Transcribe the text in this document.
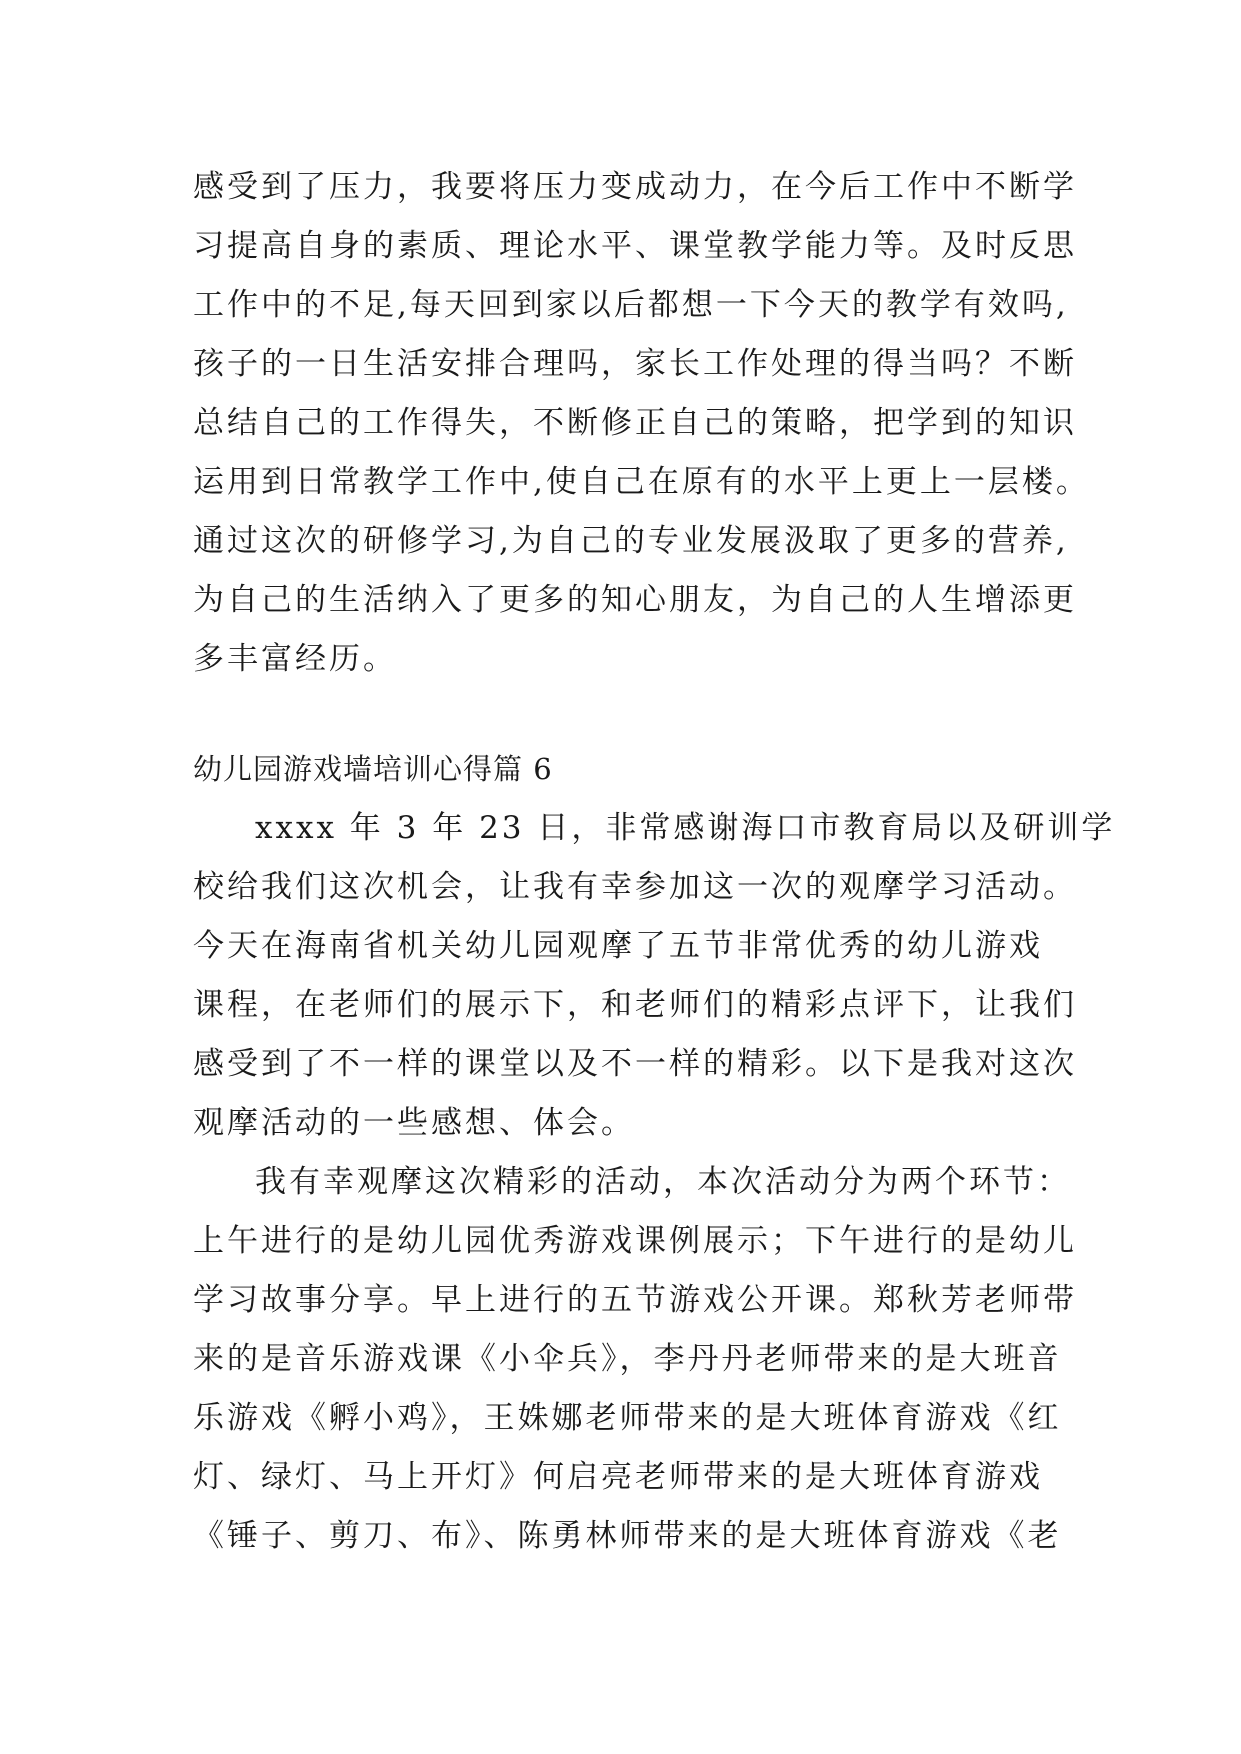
感受到了压力，我要将压力变成动力，在今后工作中不断学
习提高自身的素质、理论水平、课堂教学能力等。及时反思
工作中的不足,每天回到家以后都想一下今天的教学有效吗,
孩子的一日生活安排合理吗，家长工作处理的得当吗？不断
总结自己的工作得失，不断修正自己的策略，把学到的知识
运用到日常教学工作中,使自己在原有的水平上更上一层楼。
通过这次的研修学习,为自己的专业发展汲取了更多的营养,
为自己的生活纳入了更多的知心朋友，为自己的人生增添更
多丰富经历。
幼儿园游戏墙培训心得篇 6
xxxx 年 3 年 23 日，非常感谢海口市教育局以及研训学
校给我们这次机会，让我有幸参加这一次的观摩学习活动。
今天在海南省机关幼儿园观摩了五节非常优秀的幼儿游戏
课程，在老师们的展示下，和老师们的精彩点评下，让我们
感受到了不一样的课堂以及不一样的精彩。以下是我对这次
观摩活动的一些感想、体会。
我有幸观摩这次精彩的活动，本次活动分为两个环节：
上午进行的是幼儿园优秀游戏课例展示；下午进行的是幼儿
学习故事分享。早上进行的五节游戏公开课。郑秋芳老师带
来的是音乐游戏课《小伞兵》，李丹丹老师带来的是大班音
乐游戏《孵小鸡》，王姝娜老师带来的是大班体育游戏《红
灯、绿灯、马上开灯》何启亮老师带来的是大班体育游戏
《锤子、剪刀、布》、陈勇林师带来的是大班体育游戏《老
